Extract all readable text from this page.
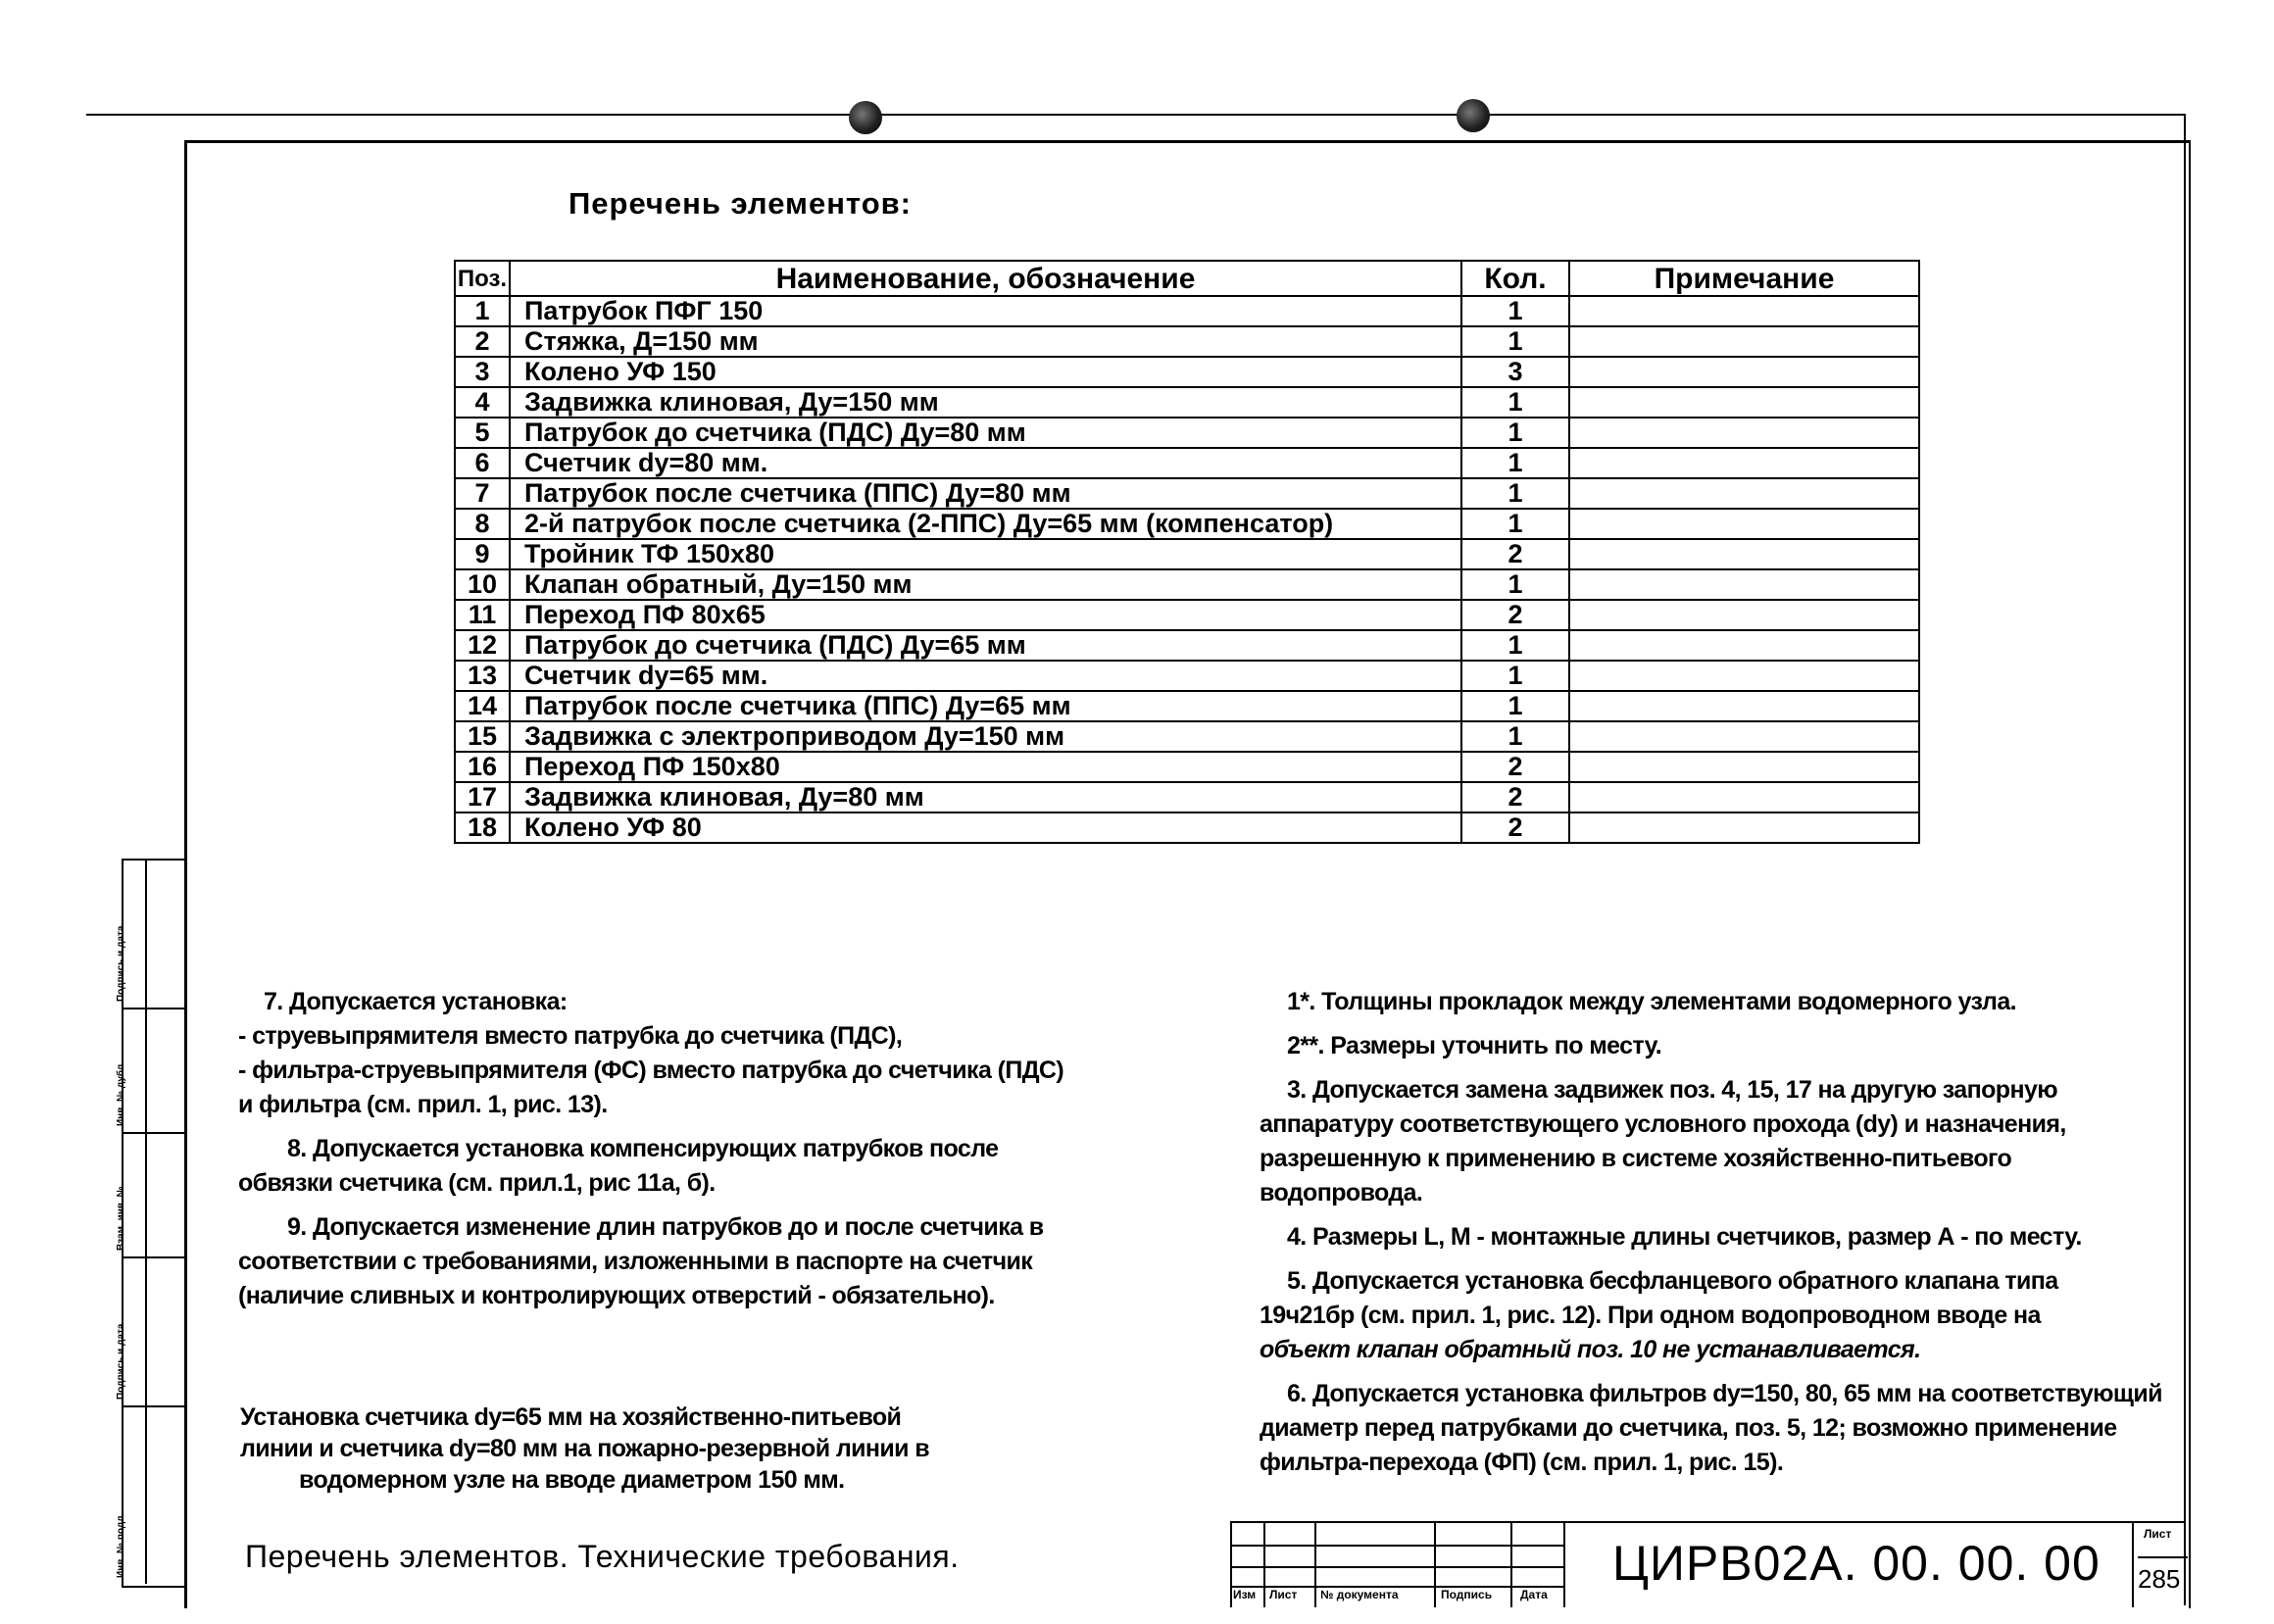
Перечень элементов:
Поз.	Наименование, обозначение	Кол.	Примечание
1	Патрубок ПФГ 150	1	
2	Стяжка, Д=150 мм	1	
3	Колено УФ 150	3	
4	Задвижка клиновая, Ду=150 мм	1	
5	Патрубок до счетчика (ПДС) Ду=80 мм	1	
6	Счетчик dy=80 мм.	1	
7	Патрубок после счетчика (ППС) Ду=80 мм	1	
8	2-й патрубок после счетчика (2-ППС) Ду=65 мм (компенсатор)	1	
9	Тройник ТФ 150х80	2	
10	Клапан обратный, Ду=150 мм	1	
11	Переход ПФ 80х65	2	
12	Патрубок до счетчика (ПДС) Ду=65 мм	1	
13	Счетчик dy=65 мм.	1	
14	Патрубок после счетчика (ППС) Ду=65 мм	1	
15	Задвижка с электроприводом Ду=150 мм	1	
16	Переход ПФ 150х80	2	
17	Задвижка клиновая, Ду=80 мм	2	
18	Колено УФ 80	2	

7. Допускается установка:
- струевыпрямителя вместо патрубка до счетчика (ПДС),
- фильтра-струевыпрямителя (ФС) вместо патрубка до счетчика (ПДС)
и фильтра (см. прил. 1, рис. 13).

8. Допускается установка компенсирующих патрубков после
обвязки счетчика (см. прил.1, рис 11а, б).

9. Допускается изменение длин патрубков до и после счетчика в
соответствии с требованиями, изложенными в паспорте на счетчик
(наличие сливных и контролирующих отверстий - обязательно).

1*. Толщины прокладок между элементами водомерного узла.

2**. Размеры уточнить по месту.

3. Допускается замена задвижек поз. 4, 15, 17 на другую запорную
аппаратуру соответствующего условного прохода (dy) и назначения,
разрешенную к применению в системе хозяйственно-питьевого водопровода.

4. Размеры L, М - монтажные длины счетчиков, размер А - по месту.

5. Допускается установка бесфланцевого обратного клапана типа
19ч21бр (см. прил. 1, рис. 12). При одном водопроводном вводе на
объект клапан обратный поз. 10 не устанавливается.

6. Допускается установка фильтров dy=150, 80, 65 мм на соответствующий
диаметр перед патрубками до счетчика, поз. 5, 12; возможно применение
фильтра-перехода (ФП) (см. прил. 1, рис. 15).

Установка счетчика dy=65 мм на хозяйственно-питьевой
линии и счетчика dy=80 мм на пожарно-резервной линии в
водомерном узле на вводе диаметром 150 мм.
Перечень элементов. Технические требования.
Подпись и дата
Инв. № дубл.
Взам. инв. №
Подпись и дата
Инв. № подл.
Изм Лист № документа	Подпись Дата
ЦИРВ02А. 00. 00. 00
Лист
285
